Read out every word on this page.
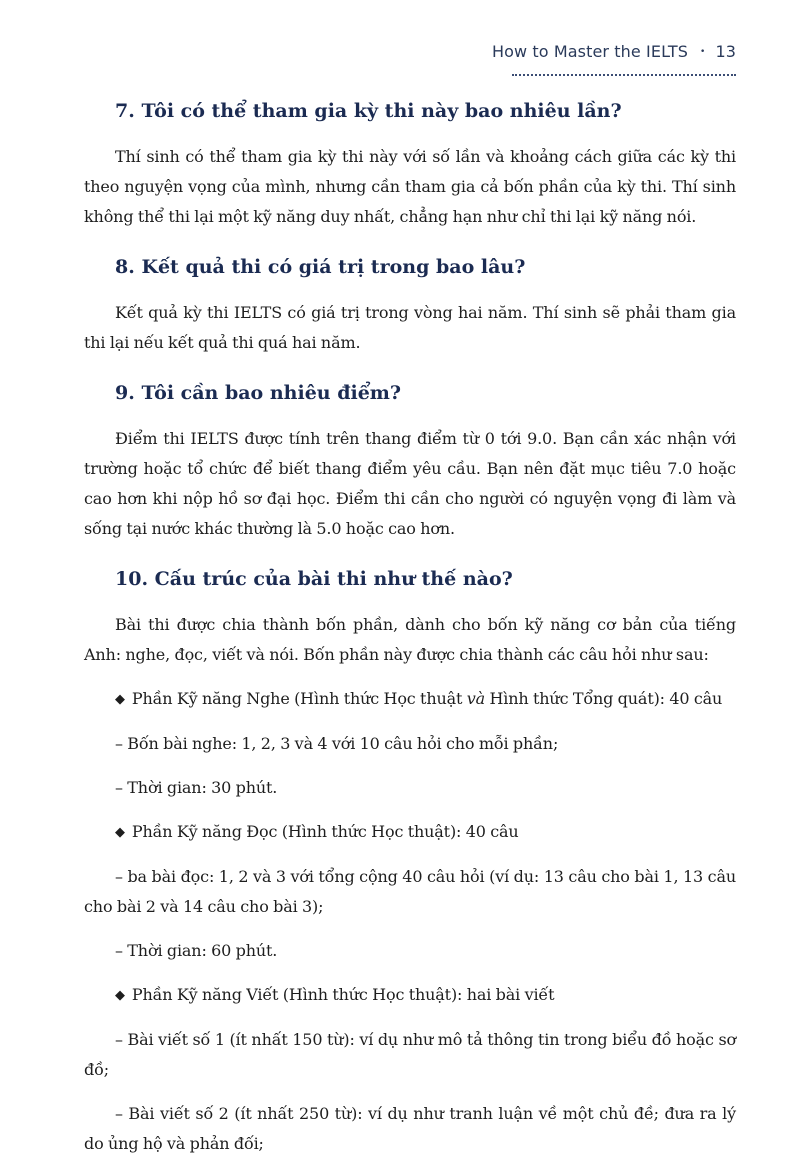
How to Master the IELTS • 13
7. Tôi có thể tham gia kỳ thi này bao nhiêu lần?

Thí sinh có thể tham gia kỳ thi này với số lần và khoảng cách giữa các kỳ thi theo nguyện vọng của mình, nhưng cần tham gia cả bốn phần của kỳ thi. Thí sinh không thể thi lại một kỹ năng duy nhất, chẳng hạn như chỉ thi lại kỹ năng nói.

8. Kết quả thi có giá trị trong bao lâu?

Kết quả kỳ thi IELTS có giá trị trong vòng hai năm. Thí sinh sẽ phải tham gia thi lại nếu kết quả thi quá hai năm.

9. Tôi cần bao nhiêu điểm?

Điểm thi IELTS được tính trên thang điểm từ 0 tới 9.0. Bạn cần xác nhận với trường hoặc tổ chức để biết thang điểm yêu cầu. Bạn nên đặt mục tiêu 7.0 hoặc cao hơn khi nộp hồ sơ đại học. Điểm thi cần cho người có nguyện vọng đi làm và sống tại nước khác thường là 5.0 hoặc cao hơn.

10. Cấu trúc của bài thi như thế nào?

Bài thi được chia thành bốn phần, dành cho bốn kỹ năng cơ bản của tiếng Anh: nghe, đọc, viết và nói. Bốn phần này được chia thành các câu hỏi như sau:

◆ Phần Kỹ năng Nghe (Hình thức Học thuật và Hình thức Tổng quát): 40 câu

– Bốn bài nghe: 1, 2, 3 và 4 với 10 câu hỏi cho mỗi phần;

– Thời gian: 30 phút.

◆ Phần Kỹ năng Đọc (Hình thức Học thuật): 40 câu

– ba bài đọc: 1, 2 và 3 với tổng cộng 40 câu hỏi (ví dụ: 13 câu cho bài 1, 13 câu cho bài 2 và 14 câu cho bài 3);

– Thời gian: 60 phút.

◆ Phần Kỹ năng Viết (Hình thức Học thuật): hai bài viết

– Bài viết số 1 (ít nhất 150 từ): ví dụ như mô tả thông tin trong biểu đồ hoặc sơ đồ;

– Bài viết số 2 (ít nhất 250 từ): ví dụ như tranh luận về một chủ đề; đưa ra lý do ủng hộ và phản đối;
